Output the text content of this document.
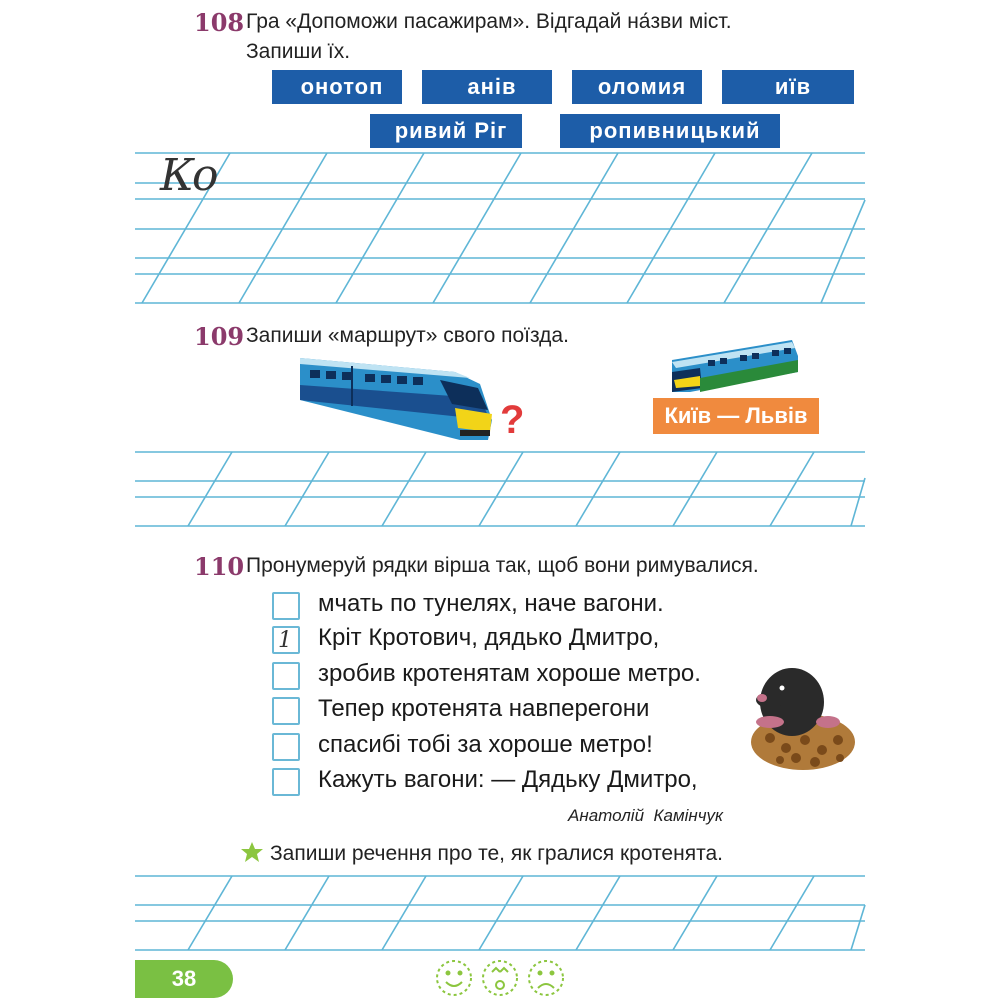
108 Гра «Допоможи пасажирам». Відгадай на́зви міст.
Запиши їх.
онотоп	анів	оломия	иїв
ривий Ріг	ропивницький
Ко
109 Запиши «маршрут» свого поїзда.
?	Київ — Львів
110 Пронумеруй рядки вірша так, щоб вони римувалися.
мчать по тунелях, наче вагони.
1 Кріт Кротович, дядько Дмитро,
зробив кротенятам хороше метро.
Тепер кротенята навперегони
спасибі тобі за хороше метро!
Кажуть вагони: — Дядьку Дмитро,
Анатолій  Камінчук
Запиши речення про те, як гралися кротенята.
38
